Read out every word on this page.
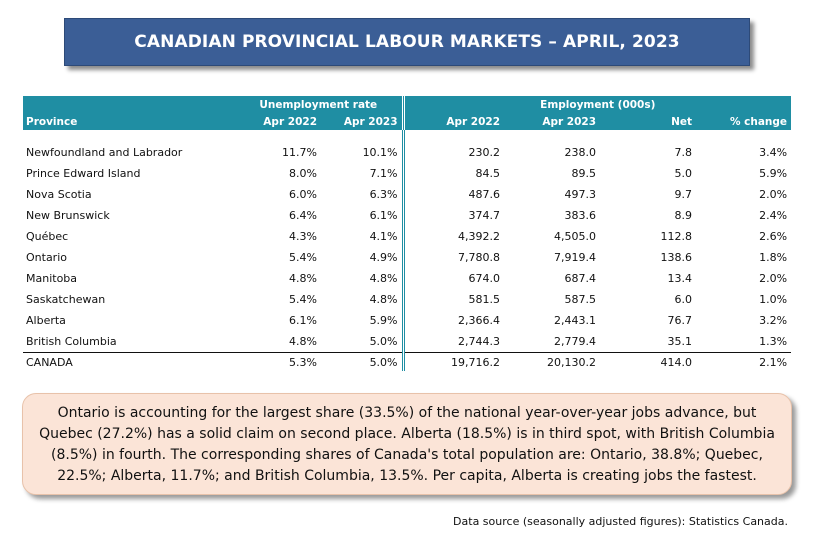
CANADIAN PROVINCIAL LABOUR MARKETS – APRIL, 2023
	Unemployment rate		Employment (000s)			
Province	Apr 2022	Apr 2023	Apr 2022	Apr 2023	Net	% change

Newfoundland and Labrador	11.7%	10.1%	230.2	238.0	7.8	3.4%
Prince Edward Island	8.0%	7.1%	84.5	89.5	5.0	5.9%
Nova Scotia	6.0%	6.3%	487.6	497.3	9.7	2.0%
New Brunswick	6.4%	6.1%	374.7	383.6	8.9	2.4%
Québec	4.3%	4.1%	4,392.2	4,505.0	112.8	2.6%
Ontario	5.4%	4.9%	7,780.8	7,919.4	138.6	1.8%
Manitoba	4.8%	4.8%	674.0	687.4	13.4	2.0%
Saskatchewan	5.4%	4.8%	581.5	587.5	6.0	1.0%
Alberta	6.1%	5.9%	2,366.4	2,443.1	76.7	3.2%
British Columbia	4.8%	5.0%	2,744.3	2,779.4	35.1	1.3%
CANADA	5.3%	5.0%	19,716.2	20,130.2	414.0	2.1%
Ontario is accounting for the largest share (33.5%) of the national year-over-year jobs advance, but Quebec (27.2%) has a solid claim on second place. Alberta (18.5%) is in third spot, with British Columbia (8.5%) in fourth. The corresponding shares of Canada's total population are: Ontario, 38.8%; Quebec, 22.5%; Alberta, 11.7%; and British Columbia, 13.5%. Per capita, Alberta is creating jobs the fastest.
Data source (seasonally adjusted figures): Statistics Canada.
